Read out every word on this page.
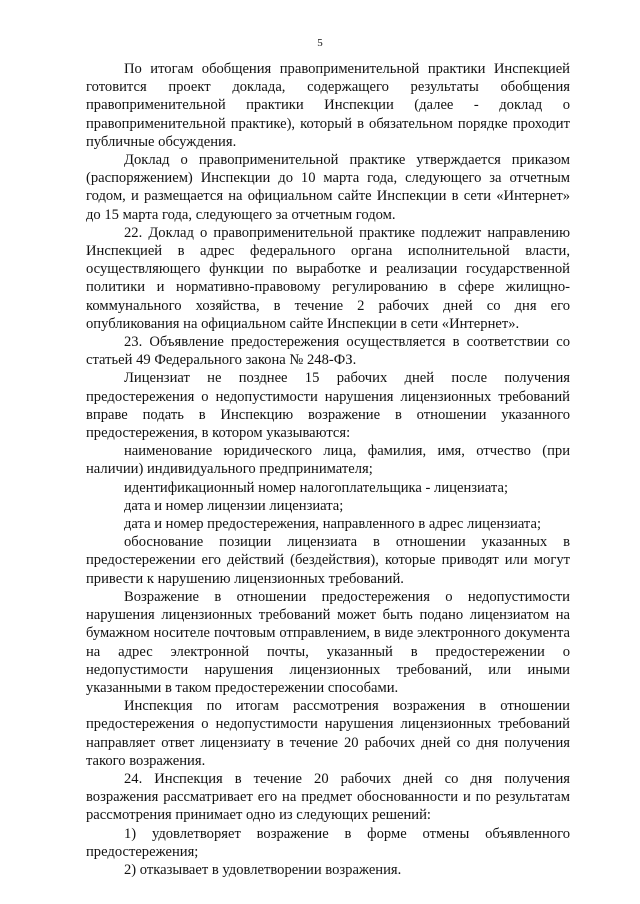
5

По итогам обобщения правоприменительной практики Инспекцией готовится проект доклада, содержащего результаты обобщения правоприменительной практики Инспекции (далее - доклад о правоприменительной практике), который в обязательном порядке проходит публичные обсуждения.

Доклад о правоприменительной практике утверждается приказом (распоряжением) Инспекции до 10 марта года, следующего за отчетным годом, и размещается на официальном сайте Инспекции в сети «Интернет» до 15 марта года, следующего за отчетным годом.

22. Доклад о правоприменительной практике подлежит направлению Инспекцией в адрес федерального органа исполнительной власти, осуществляющего функции по выработке и реализации государственной политики и нормативно-правовому регулированию в сфере жилищно-коммунального хозяйства, в течение 2 рабочих дней со дня его опубликования на официальном сайте Инспекции в сети «Интернет».

23. Объявление предостережения осуществляется в соответствии со статьей 49 Федерального закона № 248-ФЗ.

Лицензиат не позднее 15 рабочих дней после получения предостережения о недопустимости нарушения лицензионных требований вправе подать в Инспекцию возражение в отношении указанного предостережения, в котором указываются:

наименование юридического лица, фамилия, имя, отчество (при наличии) индивидуального предпринимателя;

идентификационный номер налогоплательщика - лицензиата;

дата и номер лицензии лицензиата;

дата и номер предостережения, направленного в адрес лицензиата;

обоснование позиции лицензиата в отношении указанных в предостережении его действий (бездействия), которые приводят или могут привести к нарушению лицензионных требований.

Возражение в отношении предостережения о недопустимости нарушения лицензионных требований может быть подано лицензиатом на бумажном носителе почтовым отправлением, в виде электронного документа на адрес электронной почты, указанный в предостережении о недопустимости нарушения лицензионных требований, или иными указанными в таком предостережении способами.

Инспекция по итогам рассмотрения возражения в отношении предостережения о недопустимости нарушения лицензионных требований направляет ответ лицензиату в течение 20 рабочих дней со дня получения такого возражения.

24. Инспекция в течение 20 рабочих дней со дня получения возражения рассматривает его на предмет обоснованности и по результатам рассмотрения принимает одно из следующих решений:

1) удовлетворяет возражение в форме отмены объявленного предостережения;

2) отказывает в удовлетворении возражения.
